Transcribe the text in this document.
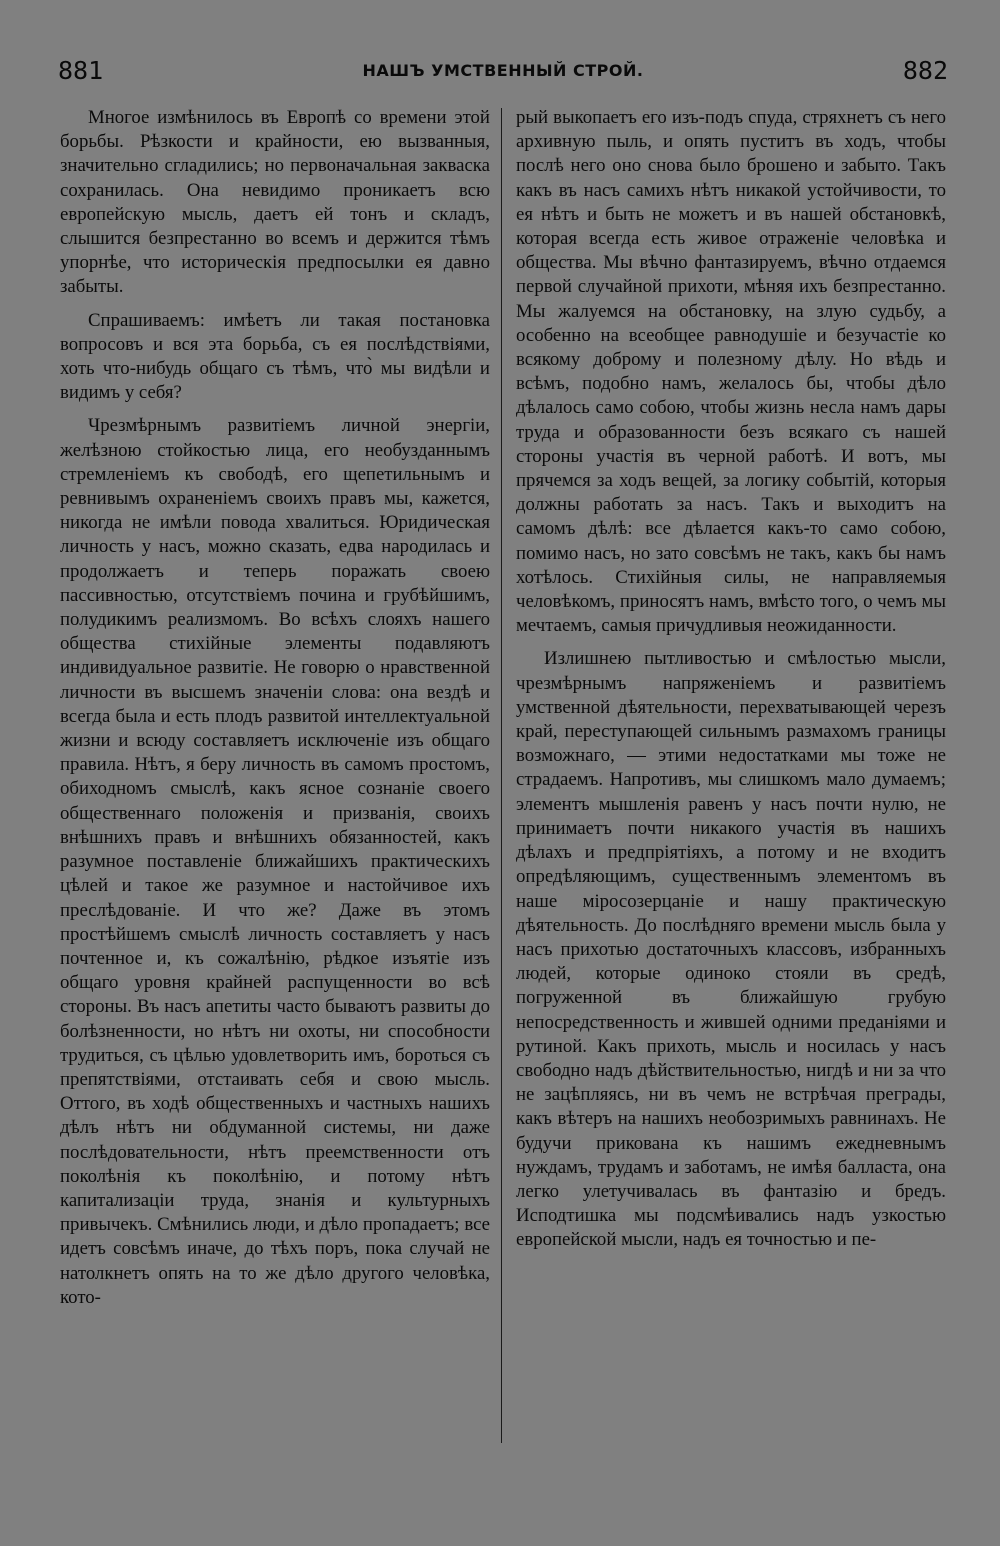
881	НАШЪ УМСТВЕННЫЙ СТРОЙ.	882

Многое измѣнилось въ Европѣ со времени этой борьбы. Рѣзкости и крайности, ею вызванныя, значительно сгладились; но первоначальная закваска сохранилась. Она невидимо проникаетъ всю европейскую мысль, даетъ ей тонъ и складъ, слышится безпрестанно во всемъ и держится тѣмъ упорнѣе, что историческія предпосылки ея давно забыты.

Спрашиваемъ: имѣетъ ли такая постановка вопросовъ и вся эта борьба, съ ея послѣдствіями, хоть что-нибудь общаго съ тѣмъ, что̀ мы видѣли и видимъ у себя?

Чрезмѣрнымъ развитіемъ личной энергіи, желѣзною стойкостью лица, его необузданнымъ стремленіемъ къ свободѣ, его щепетильнымъ и ревнивымъ охраненіемъ своихъ правъ мы, кажется, никогда не имѣли повода хвалиться. Юридическая личность у насъ, можно сказать, едва народилась и продолжаетъ и теперь поражать своею пассивностью, отсутствіемъ почина и грубѣйшимъ, полудикимъ реализмомъ. Во всѣхъ слояхъ нашего общества стихійные элементы подавляютъ индивидуальное развитіе. Не говорю о нравственной личности въ высшемъ значеніи слова: она вездѣ и всегда была и есть плодъ развитой интеллектуальной жизни и всюду составляетъ исключеніе изъ общаго правила. Нѣтъ, я беру личность въ самомъ простомъ, обиходномъ смыслѣ, какъ ясное сознаніе своего общественнаго положенія и призванія, своихъ внѣшнихъ правъ и внѣшнихъ обязанностей, какъ разумное поставленіе ближайшихъ практическихъ цѣлей и такое же разумное и настойчивое ихъ преслѣдованіе. И что же? Даже въ этомъ простѣйшемъ смыслѣ личность составляетъ у насъ почтенное и, къ сожалѣнію, рѣдкое изъятіе изъ общаго уровня крайней распущенности во всѣ стороны. Въ насъ апетиты часто бываютъ развиты до болѣзненности, но нѣтъ ни охоты, ни способности трудиться, съ цѣлью удовлетворить имъ, бороться съ препятствіями, отстаивать себя и свою мысль. Оттого, въ ходѣ общественныхъ и частныхъ нашихъ дѣлъ нѣтъ ни обдуманной системы, ни даже послѣдовательности, нѣтъ преемственности отъ поколѣнія къ поколѣнію, и потому нѣтъ капитализаціи труда, знанія и культурныхъ привычекъ. Смѣнились люди, и дѣло пропадаетъ; все идетъ совсѣмъ иначе, до тѣхъ поръ, пока случай не натолкнетъ опять на то же дѣло другого человѣка, кото-

рый выкопаетъ его изъ-подъ спуда, стряхнетъ съ него архивную пыль, и опять пуститъ въ ходъ, чтобы послѣ него оно снова было брошено и забыто. Такъ какъ въ насъ самихъ нѣтъ никакой устойчивости, то ея нѣтъ и быть не можетъ и въ нашей обстановкѣ, которая всегда есть живое отраженіе человѣка и общества. Мы вѣчно фантазируемъ, вѣчно отдаемся первой случайной прихоти, мѣняя ихъ безпрестанно. Мы жалуемся на обстановку, на злую судьбу, а особенно на всеобщее равнодушіе и безучастіе ко всякому доброму и полезному дѣлу. Но вѣдь и всѣмъ, подобно намъ, желалось бы, чтобы дѣло дѣлалось само собою, чтобы жизнь несла намъ дары труда и образованности безъ всякаго съ нашей стороны участія въ черной работѣ. И вотъ, мы прячемся за ходъ вещей, за логику событій, которыя должны работать за насъ. Такъ и выходитъ на самомъ дѣлѣ: все дѣлается какъ-то само собою, помимо насъ, но зато совсѣмъ не такъ, какъ бы намъ хотѣлось. Стихійныя силы, не направляемыя человѣкомъ, приносятъ намъ, вмѣсто того, о чемъ мы мечтаемъ, самыя причудливыя неожиданности.

Излишнею пытливостью и смѣлостью мысли, чрезмѣрнымъ напряженіемъ и развитіемъ умственной дѣятельности, перехватывающей черезъ край, переступающей сильнымъ размахомъ границы возможнаго, — этими недостатками мы тоже не страдаемъ. Напротивъ, мы слишкомъ мало думаемъ; элементъ мышленія равенъ у насъ почти нулю, не принимаетъ почти никакого участія въ нашихъ дѣлахъ и предпріятіяхъ, а потому и не входитъ опредѣляющимъ, существеннымъ элементомъ въ наше міросозерцаніе и нашу практическую дѣятельность. До послѣдняго времени мысль была у насъ прихотью достаточныхъ классовъ, избранныхъ людей, которые одиноко стояли въ средѣ, погруженной въ ближайшую грубую непосредственность и жившей одними преданіями и рутиной. Какъ прихоть, мысль и носилась у насъ свободно надъ дѣйствительностью, нигдѣ и ни за что не зацѣпляясь, ни въ чемъ не встрѣчая преграды, какъ вѣтеръ на нашихъ необозримыхъ равнинахъ. Не будучи прикована къ нашимъ ежедневнымъ нуждамъ, трудамъ и заботамъ, не имѣя балласта, она легко улетучивалась въ фантазію и бредъ. Исподтишка мы подсмѣивались надъ узкостью европейской мысли, надъ ея точностью и пе-
